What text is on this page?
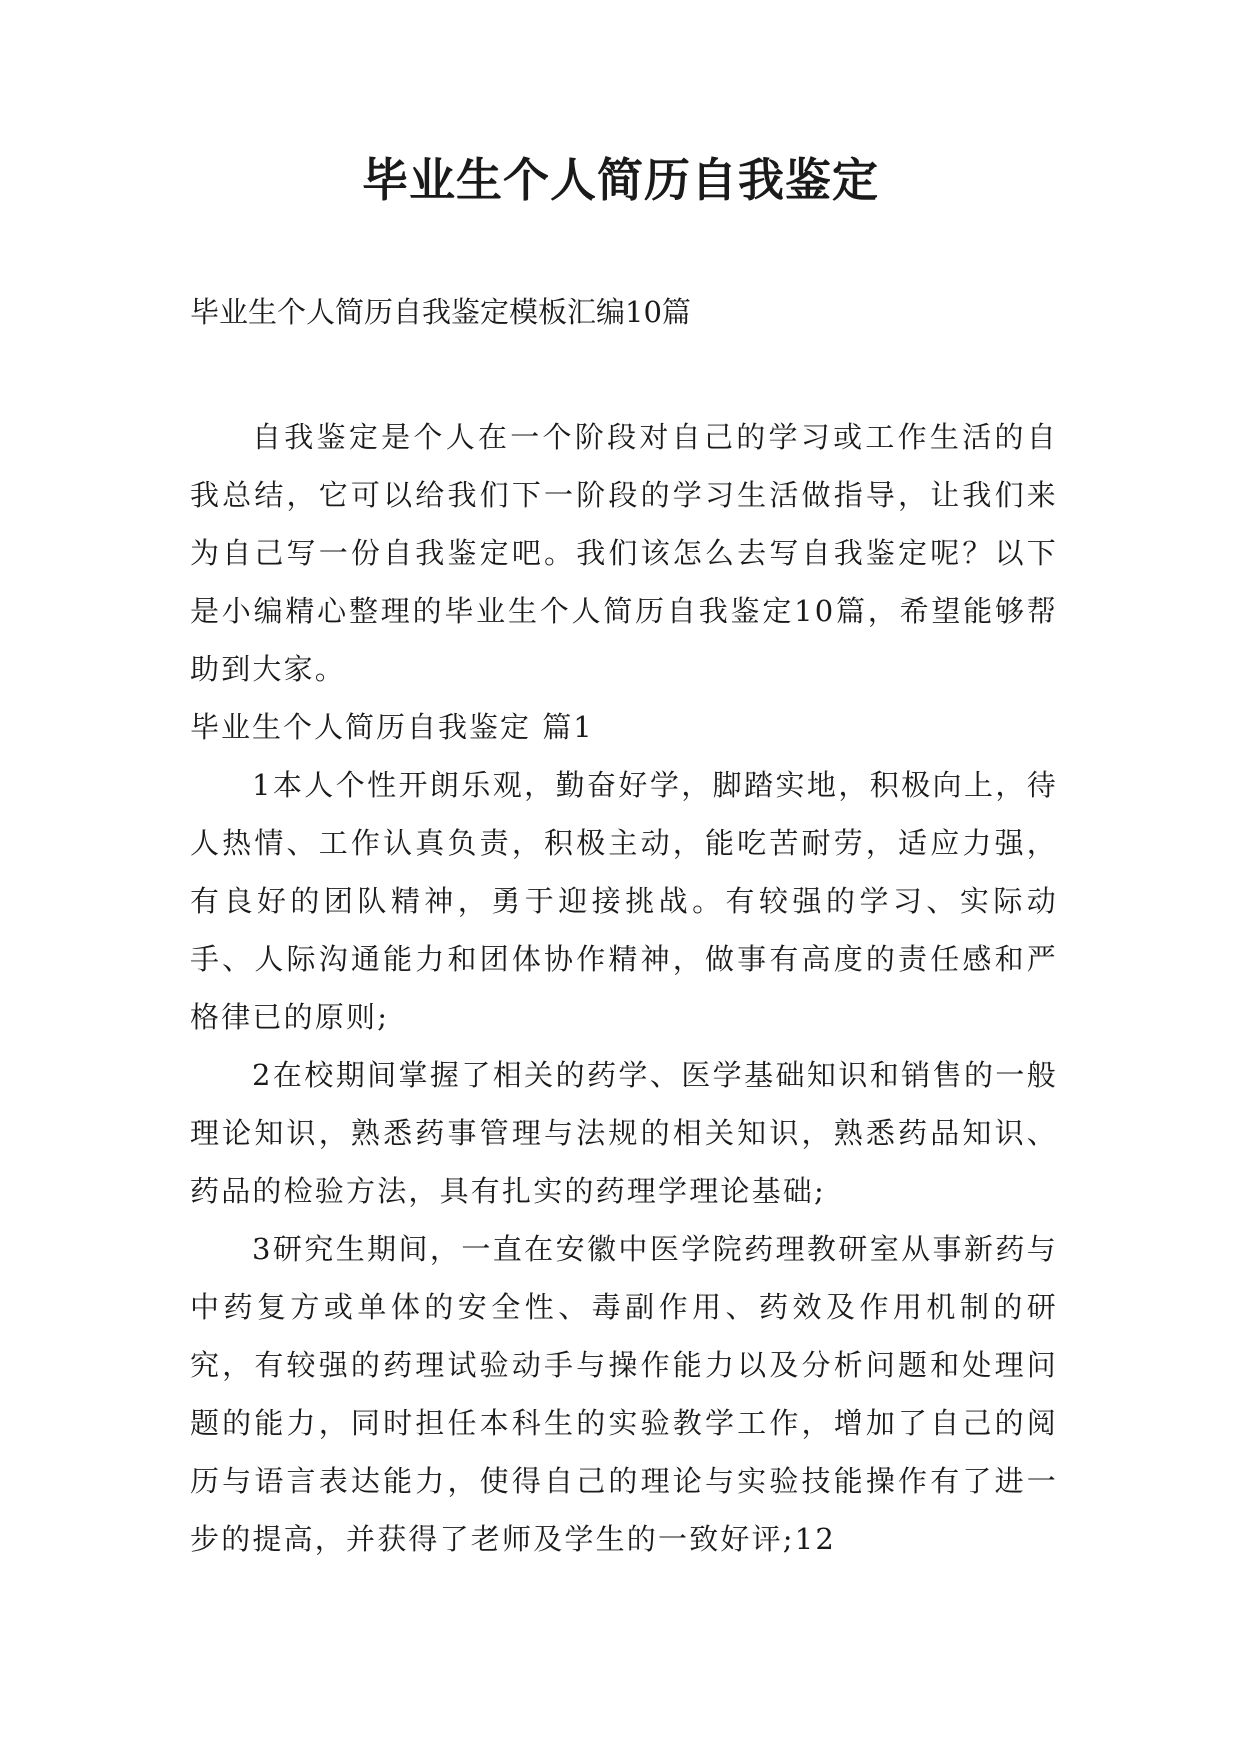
毕业生个人简历自我鉴定

毕业生个人简历自我鉴定模板汇编10篇

自我鉴定是个人在一个阶段对自己的学习或工作生活的自我总结，它可以给我们下一阶段的学习生活做指导，让我们来为自己写一份自我鉴定吧。我们该怎么去写自我鉴定呢？以下是小编精心整理的毕业生个人简历自我鉴定10篇，希望能够帮助到大家。

毕业生个人简历自我鉴定 篇1

1本人个性开朗乐观，勤奋好学，脚踏实地，积极向上，待人热情、工作认真负责，积极主动，能吃苦耐劳，适应力强，有良好的团队精神，勇于迎接挑战。有较强的学习、实际动手、人际沟通能力和团体协作精神，做事有高度的责任感和严格律已的原则;

2在校期间掌握了相关的药学、医学基础知识和销售的一般理论知识，熟悉药事管理与法规的相关知识，熟悉药品知识、药品的检验方法，具有扎实的药理学理论基础;

3研究生期间，一直在安徽中医学院药理教研室从事新药与中药复方或单体的安全性、毒副作用、药效及作用机制的研究，有较强的药理试验动手与操作能力以及分析问题和处理问题的能力，同时担任本科生的实验教学工作，增加了自己的阅历与语言表达能力，使得自己的理论与实验技能操作有了进一步的提高，并获得了老师及学生的一致好评;12
